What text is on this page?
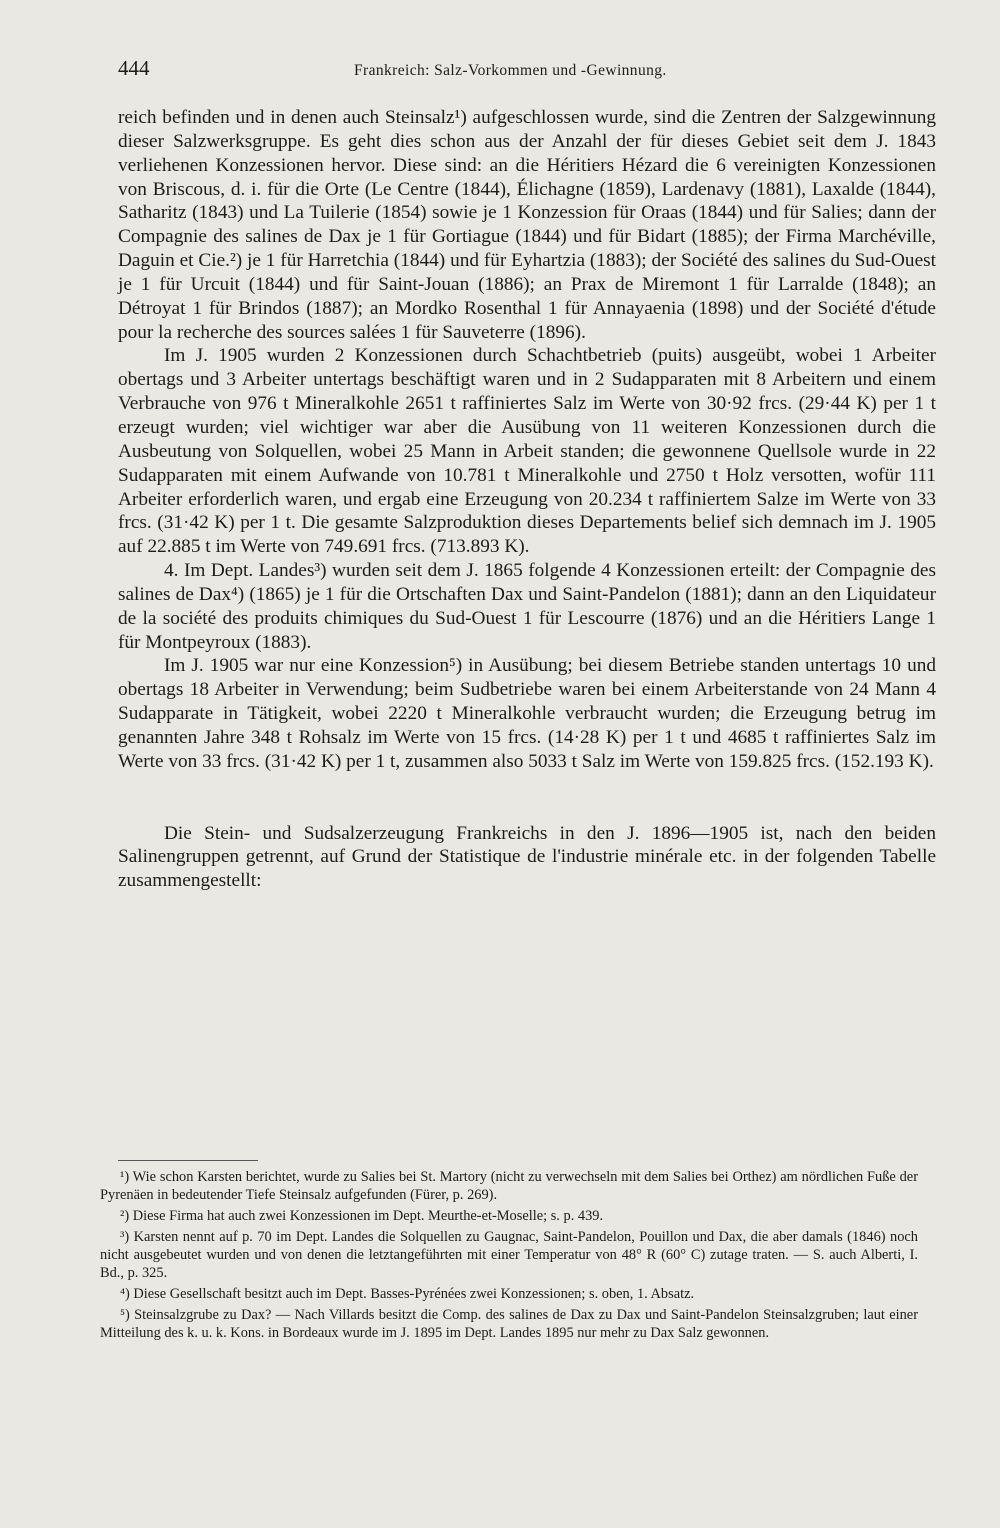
444	Frankreich: Salz-Vorkommen und -Gewinnung.

reich befinden und in denen auch Steinsalz¹) aufgeschlossen wurde, sind die Zentren der Salzgewinnung dieser Salzwerksgruppe. Es geht dies schon aus der Anzahl der für dieses Gebiet seit dem J. 1843 verliehenen Konzessionen hervor. Diese sind: an die Héritiers Hézard die 6 vereinigten Konzessionen von Briscous, d. i. für die Orte (Le Centre (1844), Élichagne (1859), Lardenavy (1881), Laxalde (1844), Satharitz (1843) und La Tuilerie (1854) sowie je 1 Konzession für Oraas (1844) und für Salies; dann der Compagnie des salines de Dax je 1 für Gortiague (1844) und für Bidart (1885); der Firma Marchéville, Daguin et Cie.²) je 1 für Harretchia (1844) und für Eyhartzia (1883); der Société des salines du Sud-Ouest je 1 für Urcuit (1844) und für Saint-Jouan (1886); an Prax de Miremont 1 für Larralde (1848); an Détroyat 1 für Brindos (1887); an Mordko Rosenthal 1 für Annayaenia (1898) und der Société d'étude pour la recherche des sources salées 1 für Sauveterre (1896).

Im J. 1905 wurden 2 Konzessionen durch Schachtbetrieb (puits) ausgeübt, wobei 1 Arbeiter obertags und 3 Arbeiter untertags beschäftigt waren und in 2 Sudapparaten mit 8 Arbeitern und einem Verbrauche von 976 t Mineralkohle 2651 t raffiniertes Salz im Werte von 30·92 frcs. (29·44 K) per 1 t erzeugt wurden; viel wichtiger war aber die Ausübung von 11 weiteren Konzessionen durch die Ausbeutung von Solquellen, wobei 25 Mann in Arbeit standen; die gewonnene Quellsole wurde in 22 Sudapparaten mit einem Aufwande von 10.781 t Mineralkohle und 2750 t Holz versotten, wofür 111 Arbeiter erforderlich waren, und ergab eine Erzeugung von 20.234 t raffiniertem Salze im Werte von 33 frcs. (31·42 K) per 1 t. Die gesamte Salzproduktion dieses Departements belief sich demnach im J. 1905 auf 22.885 t im Werte von 749.691 frcs. (713.893 K).

4. Im Dept. Landes³) wurden seit dem J. 1865 folgende 4 Konzessionen erteilt: der Compagnie des salines de Dax⁴) (1865) je 1 für die Ortschaften Dax und Saint-Pandelon (1881); dann an den Liquidateur de la société des produits chimiques du Sud-Ouest 1 für Lescourre (1876) und an die Héritiers Lange 1 für Montpeyroux (1883).

Im J. 1905 war nur eine Konzession⁵) in Ausübung; bei diesem Betriebe standen untertags 10 und obertags 18 Arbeiter in Verwendung; beim Sudbetriebe waren bei einem Arbeiterstande von 24 Mann 4 Sudapparate in Tätigkeit, wobei 2220 t Mineralkohle verbraucht wurden; die Erzeugung betrug im genannten Jahre 348 t Rohsalz im Werte von 15 frcs. (14·28 K) per 1 t und 4685 t raffiniertes Salz im Werte von 33 frcs. (31·42 K) per 1 t, zusammen also 5033 t Salz im Werte von 159.825 frcs. (152.193 K).

Die Stein- und Sudsalzerzeugung Frankreichs in den J. 1896—1905 ist, nach den beiden Salinengruppen getrennt, auf Grund der Statistique de l'industrie minérale etc. in der folgenden Tabelle zusammengestellt:

¹) Wie schon Karsten berichtet, wurde zu Salies bei St. Martory (nicht zu verwechseln mit dem Salies bei Orthez) am nördlichen Fuße der Pyrenäen in bedeutender Tiefe Steinsalz aufgefunden (Fürer, p. 269).

²) Diese Firma hat auch zwei Konzessionen im Dept. Meurthe-et-Moselle; s. p. 439.

³) Karsten nennt auf p. 70 im Dept. Landes die Solquellen zu Gaugnac, Saint-Pandelon, Pouillon und Dax, die aber damals (1846) noch nicht ausgebeutet wurden und von denen die letztangeführten mit einer Temperatur von 48° R (60° C) zutage traten. — S. auch Alberti, I. Bd., p. 325.

⁴) Diese Gesellschaft besitzt auch im Dept. Basses-Pyrénées zwei Konzessionen; s. oben, 1. Absatz.

⁵) Steinsalzgrube zu Dax? — Nach Villards besitzt die Comp. des salines de Dax zu Dax und Saint-Pandelon Steinsalzgruben; laut einer Mitteilung des k. u. k. Kons. in Bordeaux wurde im J. 1895 im Dept. Landes 1895 nur mehr zu Dax Salz gewonnen.
